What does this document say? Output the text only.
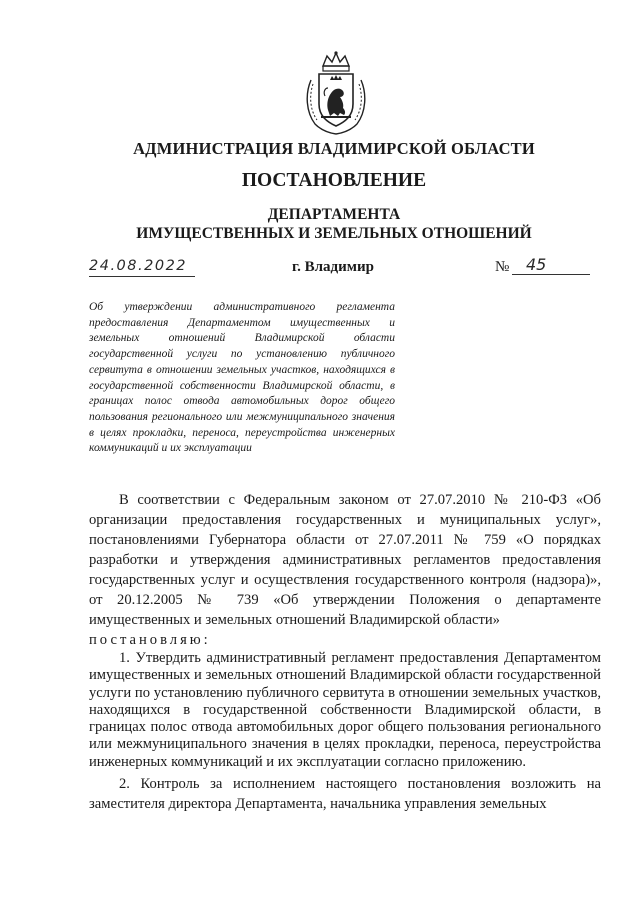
АДМИНИСТРАЦИЯ ВЛАДИМИРСКОЙ ОБЛАСТИ
ПОСТАНОВЛЕНИЕ
ДЕПАРТАМЕНТА
ИМУЩЕСТВЕННЫХ И ЗЕМЕЛЬНЫХ ОТНОШЕНИЙ
24.08.2022	г. Владимир	№	45
Об утверждении административного регламента предоставления Департаментом имущественных и земельных отношений Владимирской области государственной услуги по установлению публичного сервитута в отношении земельных участков, находящихся в государственной собственности Владимирской области, в границах полос отвода автомобильных дорог общего пользования регионального или межмуниципального значения в целях прокладки, переноса, переустройства инженерных коммуникаций и их эксплуатации

В соответствии с Федеральным законом от 27.07.2010 № 210-ФЗ «Об организации предоставления государственных и муниципальных услуг», постановлениями Губернатора области от 27.07.2011 № 759 «О порядках разработки и утверждения административных регламентов предоставления государственных услуг и осуществления государственного контроля (надзора)», от 20.12.2005 № 739 «Об утверждении Положения о департаменте имущественных и земельных отношений Владимирской области»

постановляю:

1. Утвердить административный регламент предоставления Департаментом имущественных и земельных отношений Владимирской области государственной услуги по установлению публичного сервитута в отношении земельных участков, находящихся в государственной собственности Владимирской области, в границах полос отвода автомобильных дорог общего пользования регионального или межмуниципального значения в целях прокладки, переноса, переустройства инженерных коммуникаций и их эксплуатации согласно приложению.

2. Контроль за исполнением настоящего постановления возложить на заместителя директора Департамента, начальника управления земельных
